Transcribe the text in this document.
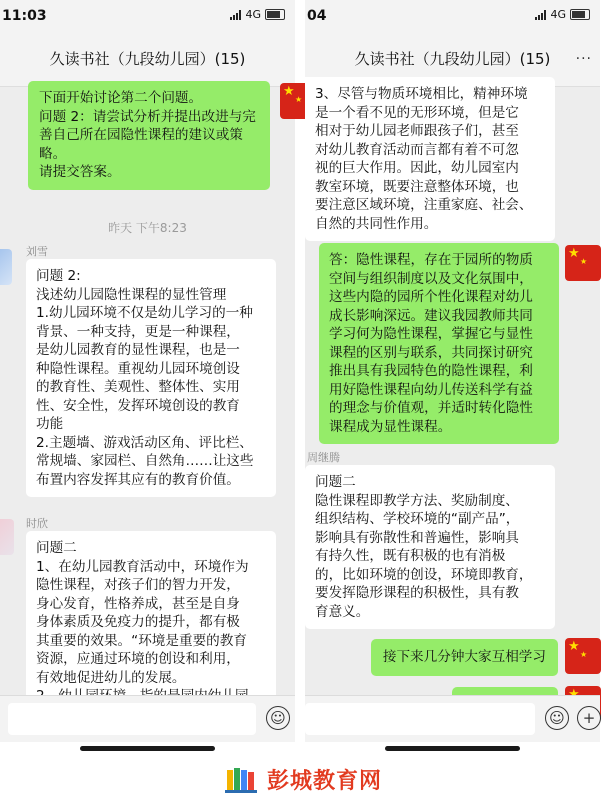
11:03	4G
久读书社（九段幼儿园）(15)
下面开始讨论第二个问题。
问题 2：请尝试分析并提出改进与完
善自己所在园隐性课程的建议或策
略。
请提交答案。
★ ★
昨天 下午8:23
刘雪
问题 2:
浅述幼儿园隐性课程的显性管理
1.幼儿园环境不仅是幼儿学习的一种
背景、一种支持，更是一种课程，
是幼儿园教育的显性课程，也是一
种隐性课程。重视幼儿园环境创设
的教育性、美观性、整体性、实用
性、安全性，发挥环境创设的教育
功能
2.主题墙、游戏活动区角、评比栏、
常规墙、家园栏、自然角……让这些
布置内容发挥其应有的教育价值。
时欣
问题二
1、在幼儿园教育活动中，环境作为
隐性课程，对孩子们的智力开发，
身心发育，性格养成，甚至是自身
身体素质及免疫力的提升，都有极
其重要的效果。“环境是重要的教育
资源，应通过环境的创设和利用，
有效地促进幼儿的发展。
☺
04	4G
久读书社（九段幼儿园）(15) ···
3、尽管与物质环境相比，精神环境
是一个看不见的无形环境，但是它
相对于幼儿园老师跟孩子们，甚至
对幼儿教育活动而言都有着不可忽
视的巨大作用。因此，幼儿园室内
教室环境，既要注意整体环境，也
要注意区域环境，注重家庭、社会、
自然的共同性作用。
答：隐性课程，存在于园所的物质
空间与组织制度以及文化氛围中，
这些内隐的园所个性化课程对幼儿
成长影响深远。建议我园教师共同
学习何为隐性课程，掌握它与显性
课程的区别与联系，共同探讨研究
推出具有我园特色的隐性课程，利
用好隐性课程向幼儿传送科学有益
的理念与价值观，并适时转化隐性
课程成为显性课程。
★ ★
周继腾
问题二
隐性课程即教学方法、奖励制度、
组织结构、学校环境的“副产品”，
影响具有弥散性和普遍性，影响具
有持久性，既有积极的也有消极
的，比如环境的创设，环境即教育，
要发挥隐形课程的积极性，具有教
育意义。
接下来几分钟大家互相学习
★ ★
★ ★
☺	+
彭城教育网
